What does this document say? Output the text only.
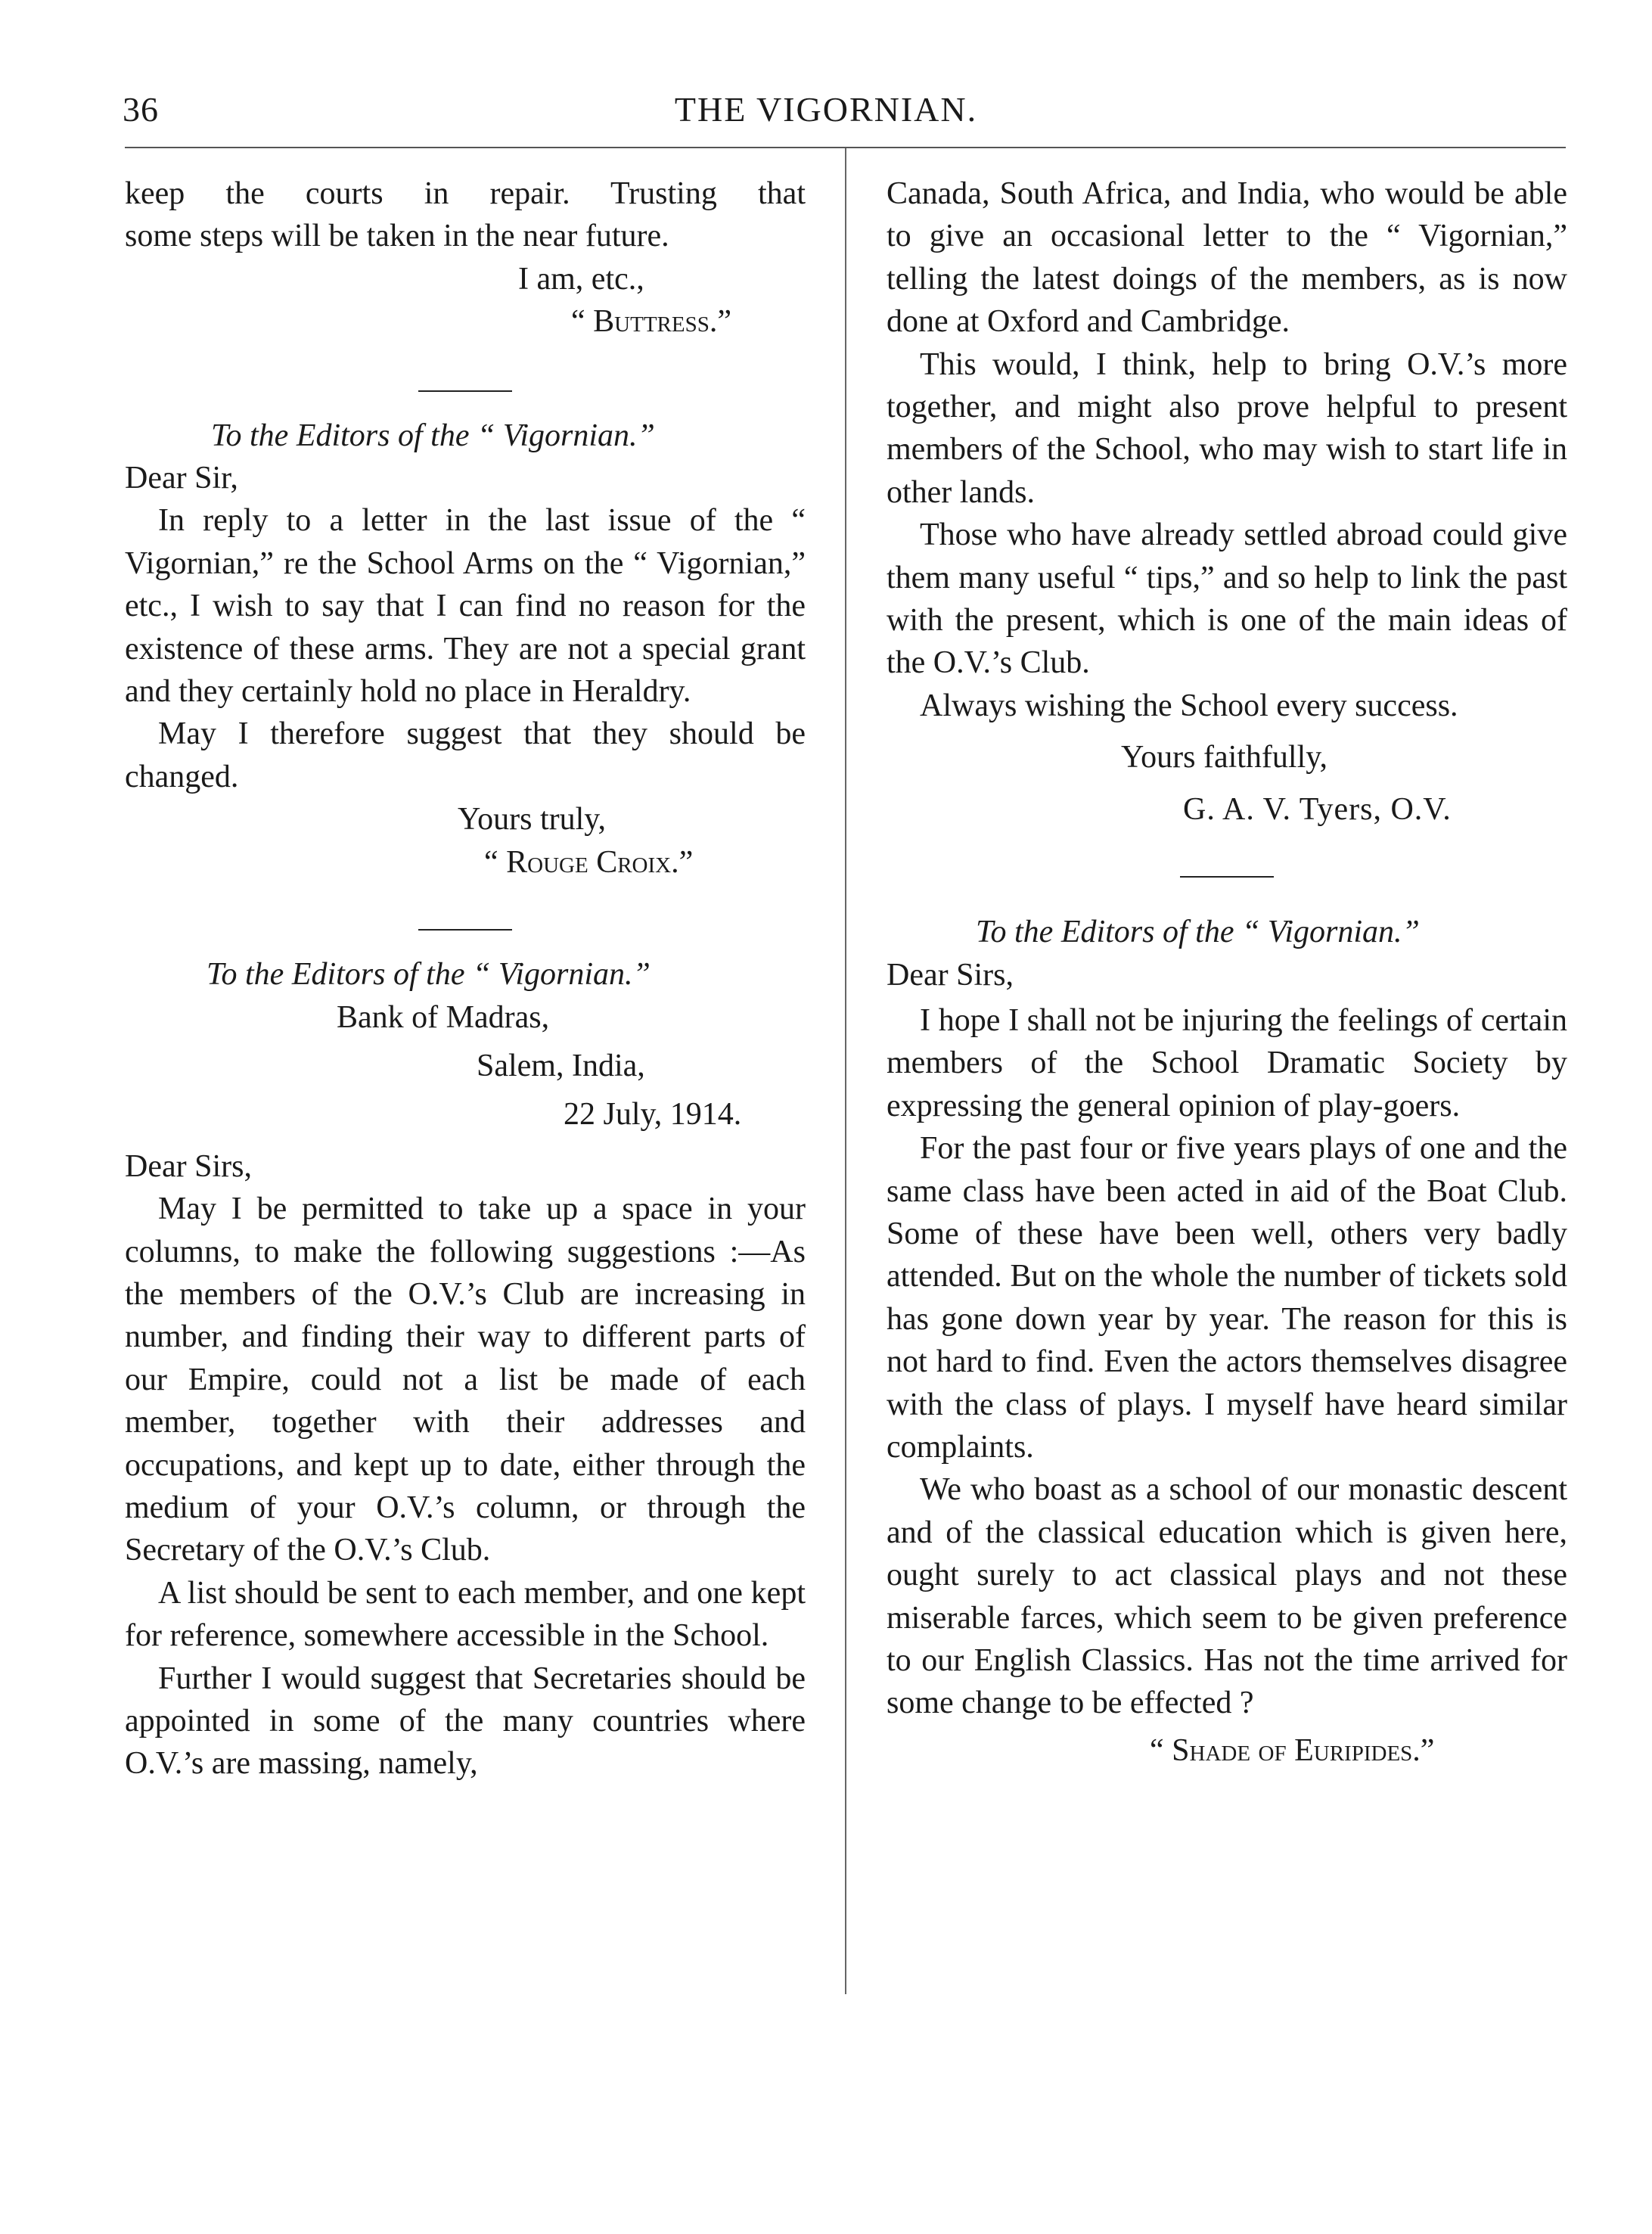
36	THE VIGORNIAN.

keep the courts in repair. Trusting that

some steps will be taken in the near future.

I am, etc.,

“ Buttress.”

To the Editors of the “ Vigornian.”

Dear Sir,

In reply to a letter in the last issue of the “ Vigornian,” re the School Arms on the “ Vigornian,” etc., I wish to say that I can find no reason for the existence of these arms. They are not a special grant and they certainly hold no place in Heraldry.

May I therefore suggest that they should be changed.

Yours truly,

“ Rouge Croix.”

To the Editors of the “ Vigornian.”

Bank of Madras,

Salem, India,

22 July, 1914.

Dear Sirs,

May I be permitted to take up a space in your columns, to make the following suggestions :—As the members of the O.V.’s Club are increasing in number, and finding their way to different parts of our Empire, could not a list be made of each member, together with their addresses and occupations, and kept up to date, either through the medium of your O.V.’s column, or through the Secretary of the O.V.’s Club.

A list should be sent to each member, and one kept for reference, somewhere accessible in the School.

Further I would suggest that Secretaries should be appointed in some of the many countries where O.V.’s are massing, namely,

Canada, South Africa, and India, who would be able to give an occasional letter to the “ Vigornian,” telling the latest doings of the members, as is now done at Oxford and Cambridge.

This would, I think, help to bring O.V.’s more together, and might also prove helpful to present members of the School, who may wish to start life in other lands.

Those who have already settled abroad could give them many useful “ tips,” and so help to link the past with the present, which is one of the main ideas of the O.V.’s Club.

Always wishing the School every success.

Yours faithfully,

G. A. V. Tyers, O.V.

To the Editors of the “ Vigornian.”

Dear Sirs,

I hope I shall not be injuring the feelings of certain members of the School Dramatic Society by expressing the general opinion of play-goers.

For the past four or five years plays of one and the same class have been acted in aid of the Boat Club. Some of these have been well, others very badly attended. But on the whole the number of tickets sold has gone down year by year. The reason for this is not hard to find. Even the actors themselves disagree with the class of plays. I myself have heard similar complaints.

We who boast as a school of our monastic descent and of the classical education which is given here, ought surely to act classical plays and not these miserable farces, which seem to be given preference to our English Classics. Has not the time arrived for some change to be effected ?

“ Shade of Euripides.”
